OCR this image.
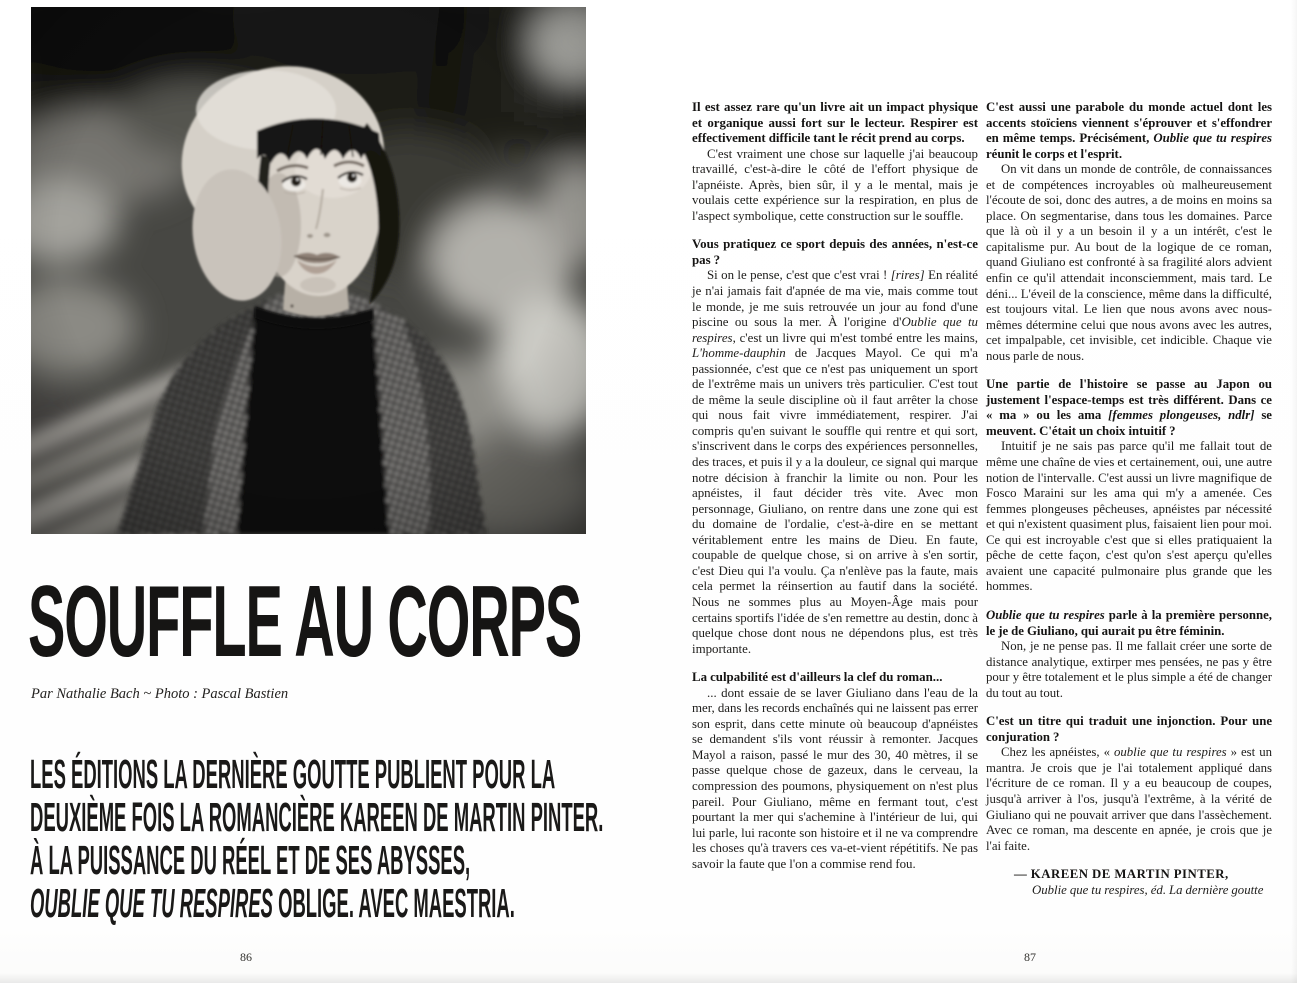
SOUFFLE AU CORPS

Par Nathalie Bach ~ Photo : Pascal Bastien

LES ÉDITIONS LA DERNIÈRE GOUTTE PUBLIENT POUR LA

DEUXIÈME FOIS LA ROMANCIÈRE KAREEN DE MARTIN PINTER.

À LA PUISSANCE DU RÉEL ET DE SES ABYSSES,

OUBLIE QUE TU RESPIRES OBLIGE. AVEC MAESTRIA.

86

Il est assez rare qu'un livre ait un impact physique et organique aussi fort sur le lecteur. Respirer est effectivement difficile tant le récit prend au corps.

C'est vraiment une chose sur laquelle j'ai beaucoup travaillé, c'est-à-dire le côté de l'effort physique de l'apnéiste. Après, bien sûr, il y a le mental, mais je voulais cette expérience sur la respiration, en plus de l'aspect symbolique, cette construction sur le souffle.

Vous pratiquez ce sport depuis des années, n'est-ce pas ?

Si on le pense, c'est que c'est vrai ! [rires] En réalité je n'ai jamais fait d'apnée de ma vie, mais comme tout le monde, je me suis retrouvée un jour au fond d'une piscine ou sous la mer. À l'origine d'Oublie que tu respires, c'est un livre qui m'est tombé entre les mains, L'homme-dauphin de Jacques Mayol. Ce qui m'a passionnée, c'est que ce n'est pas uniquement un sport de l'extrême mais un univers très particulier. C'est tout de même la seule discipline où il faut arrêter la chose qui nous fait vivre immédiatement, respirer. J'ai compris qu'en suivant le souffle qui rentre et qui sort, s'inscrivent dans le corps des expériences personnelles, des traces, et puis il y a la douleur, ce signal qui marque notre décision à franchir la limite ou non. Pour les apnéistes, il faut décider très vite. Avec mon personnage, Giuliano, on rentre dans une zone qui est du domaine de l'ordalie, c'est-à-dire en se mettant véritablement entre les mains de Dieu. En faute, coupable de quelque chose, si on arrive à s'en sortir, c'est Dieu qui l'a voulu. Ça n'enlève pas la faute, mais cela permet la réinsertion au fautif dans la société. Nous ne sommes plus au Moyen-Âge mais pour certains sportifs l'idée de s'en remettre au destin, donc à quelque chose dont nous ne dépendons plus, est très importante.

La culpabilité est d'ailleurs la clef du roman...

... dont essaie de se laver Giuliano dans l'eau de la mer, dans les records enchaînés qui ne laissent pas errer son esprit, dans cette minute où beaucoup d'apnéistes se demandent s'ils vont réussir à remonter. Jacques Mayol a raison, passé le mur des 30, 40 mètres, il se passe quelque chose de gazeux, dans le cerveau, la compression des poumons, physiquement on n'est plus pareil. Pour Giuliano, même en fermant tout, c'est pourtant la mer qui s'achemine à l'intérieur de lui, qui lui parle, lui raconte son histoire et il ne va comprendre les choses qu'à travers ces va-et-vient répétitifs. Ne pas savoir la faute que l'on a commise rend fou.

C'est aussi une parabole du monde actuel dont les accents stoïciens viennent s'éprouver et s'effondrer en même temps. Précisément, Oublie que tu respires réunit le corps et l'esprit.

On vit dans un monde de contrôle, de connaissances et de compétences incroyables où malheureusement l'écoute de soi, donc des autres, a de moins en moins sa place. On segmentarise, dans tous les domaines. Parce que là où il y a un besoin il y a un intérêt, c'est le capitalisme pur. Au bout de la logique de ce roman, quand Giuliano est confronté à sa fragilité alors advient enfin ce qu'il attendait inconsciemment, mais tard. Le déni... L'éveil de la conscience, même dans la difficulté, est toujours vital. Le lien que nous avons avec nous-mêmes détermine celui que nous avons avec les autres, cet impalpable, cet invisible, cet indicible. Chaque vie nous parle de nous.

Une partie de l'histoire se passe au Japon ou justement l'espace-temps est très différent. Dans ce « ma » ou les ama [femmes plongeuses, ndlr] se meuvent. C'était un choix intuitif ?

Intuitif je ne sais pas parce qu'il me fallait tout de même une chaîne de vies et certainement, oui, une autre notion de l'intervalle. C'est aussi un livre magnifique de Fosco Maraini sur les ama qui m'y a amenée. Ces femmes plongeuses pêcheuses, apnéistes par nécessité et qui n'existent quasiment plus, faisaient lien pour moi. Ce qui est incroyable c'est que si elles pratiquaient la pêche de cette façon, c'est qu'on s'est aperçu qu'elles avaient une capacité pulmonaire plus grande que les hommes.

Oublie que tu respires parle à la première personne, le je de Giuliano, qui aurait pu être féminin.

Non, je ne pense pas. Il me fallait créer une sorte de distance analytique, extirper mes pensées, ne pas y être pour y être totalement et le plus simple a été de changer du tout au tout.

C'est un titre qui traduit une injonction. Pour une conjuration ?

Chez les apnéistes, « oublie que tu respires » est un mantra. Je crois que je l'ai totalement appliqué dans l'écriture de ce roman. Il y a eu beaucoup de coupes, jusqu'à arriver à l'os, jusqu'à l'extrême, à la vérité de Giuliano qui ne pouvait arriver que dans l'assèchement. Avec ce roman, ma descente en apnée, je crois que je l'ai faite.

— KAREEN DE MARTIN PINTER,

Oublie que tu respires, éd. La dernière goutte

87
